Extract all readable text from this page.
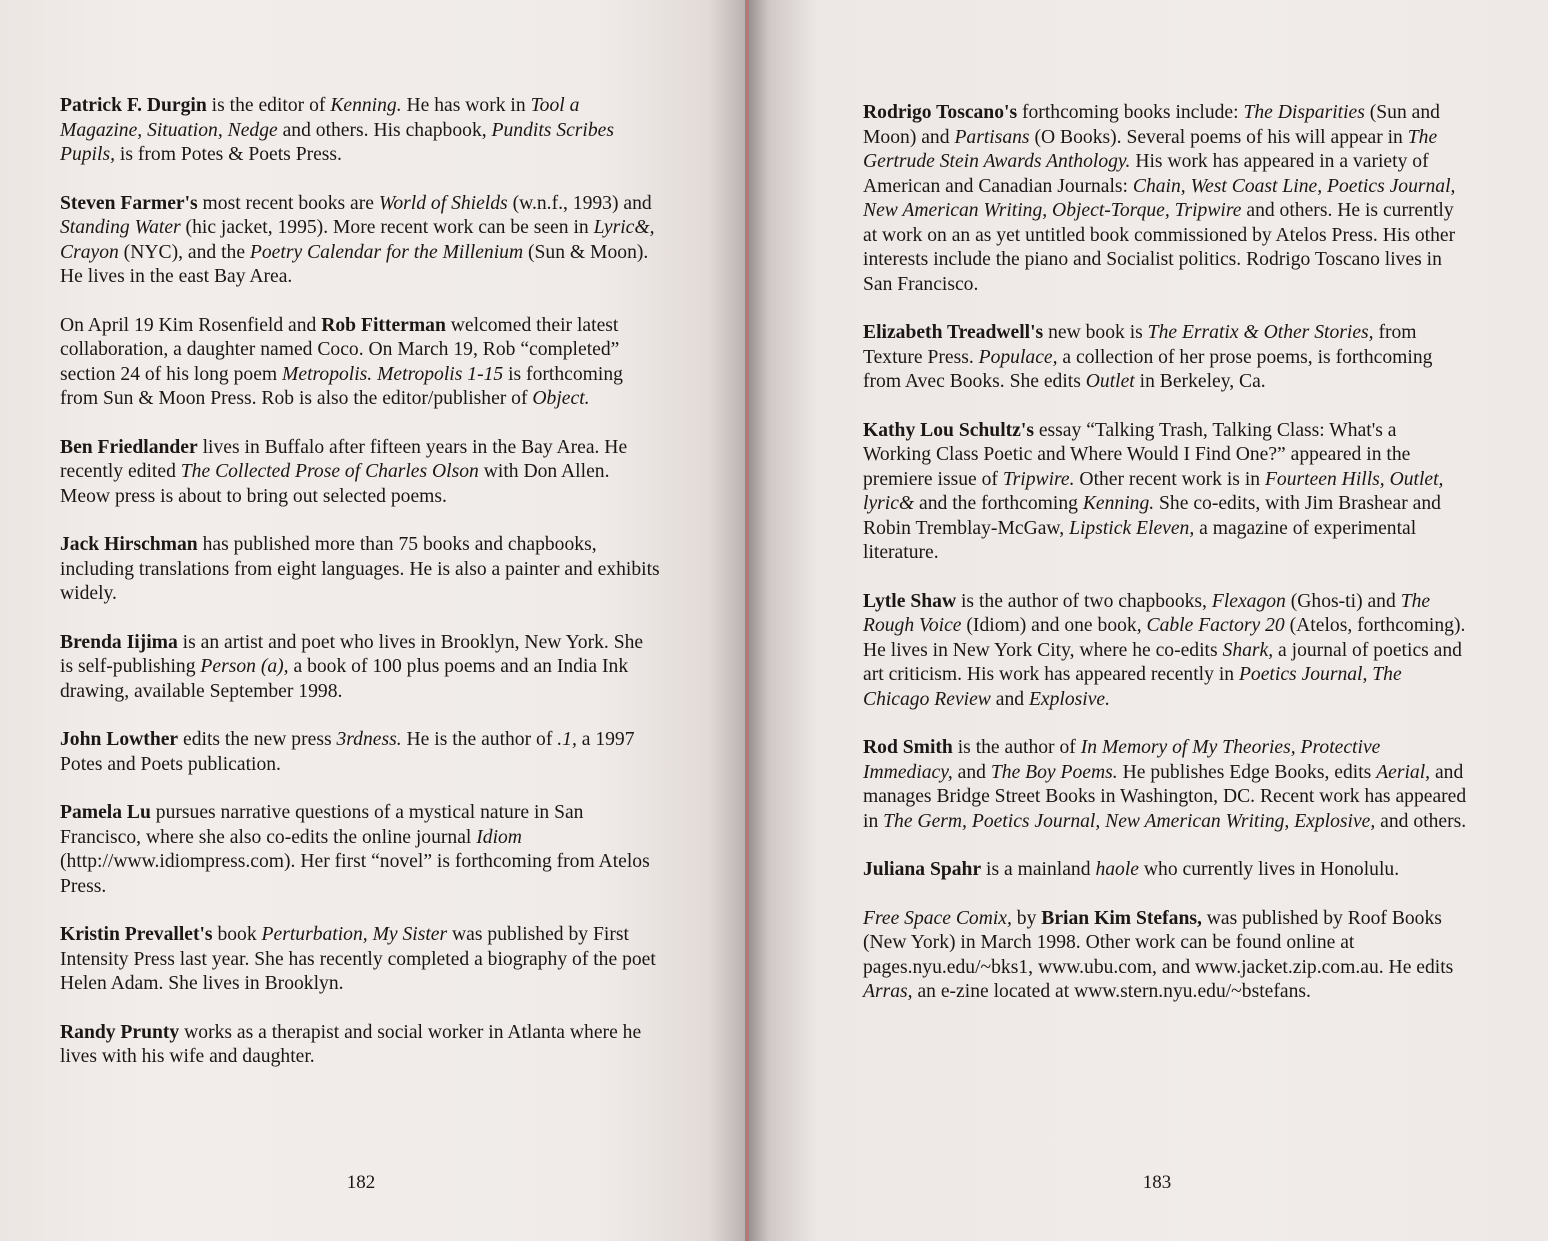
Patrick F. Durgin is the editor of Kenning. He has work in Tool a Magazine, Situation, Nedge and others. His chapbook, Pundits Scribes Pupils, is from Potes & Poets Press.

Steven Farmer's most recent books are World of Shields (w.n.f., 1993) and Standing Water (hic jacket, 1995). More recent work can be seen in Lyric&, Crayon (NYC), and the Poetry Calendar for the Millenium (Sun & Moon). He lives in the east Bay Area.

On April 19 Kim Rosenfield and Rob Fitterman welcomed their latest collaboration, a daughter named Coco. On March 19, Rob “completed” section 24 of his long poem Metropolis. Metropolis 1-15 is forthcoming from Sun & Moon Press. Rob is also the editor/publisher of Object.

Ben Friedlander lives in Buffalo after fifteen years in the Bay Area. He recently edited The Collected Prose of Charles Olson with Don Allen. Meow press is about to bring out selected poems.

Jack Hirschman has published more than 75 books and chapbooks, including translations from eight languages. He is also a painter and exhibits widely.

Brenda Iijima is an artist and poet who lives in Brooklyn, New York. She is self-publishing Person (a), a book of 100 plus poems and an India Ink drawing, available September 1998.

John Lowther edits the new press 3rdness. He is the author of .1, a 1997 Potes and Poets publication.

Pamela Lu pursues narrative questions of a mystical nature in San Francisco, where she also co-edits the online journal Idiom (http://www.idiompress.com). Her first “novel” is forthcoming from Atelos Press.

Kristin Prevallet's book Perturbation, My Sister was published by First Intensity Press last year. She has recently completed a biography of the poet Helen Adam. She lives in Brooklyn.

Randy Prunty works as a therapist and social worker in Atlanta where he lives with his wife and daughter.

182

Rodrigo Toscano's forthcoming books include: The Disparities (Sun and Moon) and Partisans (O Books). Several poems of his will appear in The Gertrude Stein Awards Anthology. His work has appeared in a variety of American and Canadian Journals: Chain, West Coast Line, Poetics Journal, New American Writing, Object-Torque, Tripwire and others. He is currently at work on an as yet untitled book commissioned by Atelos Press. His other interests include the piano and Socialist politics. Rodrigo Toscano lives in San Francisco.

Elizabeth Treadwell's new book is The Erratix & Other Stories, from Texture Press. Populace, a collection of her prose poems, is forthcoming from Avec Books. She edits Outlet in Berkeley, Ca.

Kathy Lou Schultz's essay “Talking Trash, Talking Class: What's a Working Class Poetic and Where Would I Find One?” appeared in the premiere issue of Tripwire. Other recent work is in Fourteen Hills, Outlet, lyric& and the forthcoming Kenning. She co-edits, with Jim Brashear and Robin Tremblay-McGaw, Lipstick Eleven, a magazine of experimental literature.

Lytle Shaw is the author of two chapbooks, Flexagon (Ghos-ti) and The Rough Voice (Idiom) and one book, Cable Factory 20 (Atelos, forthcoming). He lives in New York City, where he co-edits Shark, a journal of poetics and art criticism. His work has appeared recently in Poetics Journal, The Chicago Review and Explosive.

Rod Smith is the author of In Memory of My Theories, Protective Immediacy, and The Boy Poems. He publishes Edge Books, edits Aerial, and manages Bridge Street Books in Washington, DC. Recent work has appeared in The Germ, Poetics Journal, New American Writing, Explosive, and others.

Juliana Spahr is a mainland haole who currently lives in Honolulu.

Free Space Comix, by Brian Kim Stefans, was published by Roof Books (New York) in March 1998. Other work can be found online at pages.nyu.edu/~bks1, www.ubu.com, and www.jacket.zip.com.au. He edits Arras, an e-zine located at www.stern.nyu.edu/~bstefans.

183
